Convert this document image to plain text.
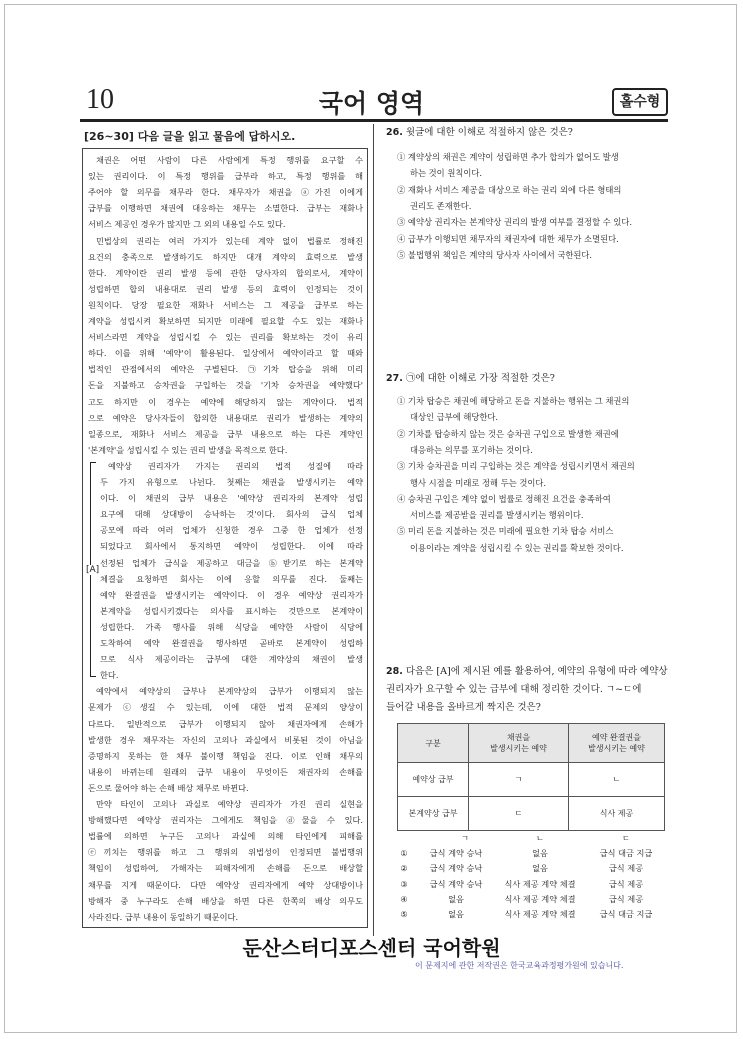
10	국어 영역	홀수형
[26~30] 다음 글을 읽고 물음에 답하시오.
[A]
채권은 어떤 사람이 다른 사람에게 특정 행위를 요구할 수
있는 권리이다. 이 특정 행위를 급부라 하고, 특정 행위를 해
주어야 할 의무를 채무라 한다. 채무자가 채권을 ⓐ가진 이에게
급부를 이행하면 채권에 대응하는 채무는 소멸한다. 급부는 재화나
서비스 제공인 경우가 많지만 그 외의 내용일 수도 있다.
민법상의 권리는 여러 가지가 있는데 계약 없이 법률로 정해진
요건의 충족으로 발생하기도 하지만 대개 계약의 효력으로 발생
한다. 계약이란 권리 발생 등에 관한 당사자의 합의로서, 계약이
성립하면 합의 내용대로 권리 발생 등의 효력이 인정되는 것이
원칙이다. 당장 필요한 재화나 서비스는 그 제공을 급부로 하는
계약을 성립시켜 확보하면 되지만 미래에 필요할 수도 있는 재화나
서비스라면 계약을 성립시킬 수 있는 권리를 확보하는 것이 유리
하다. 이를 위해 '예약'이 활용된다. 일상에서 예약이라고 할 때와
법적인 관점에서의 예약은 구별된다. ㉠기차 탑승을 위해 미리
돈을 지불하고 승차권을 구입하는 것을 '기차 승차권을 예약했다'
고도 하지만 이 경우는 예약에 해당하지 않는 계약이다. 법적
으로 예약은 당사자들이 합의한 내용대로 권리가 발생하는 계약의
일종으로, 재화나 서비스 제공을 급부 내용으로 하는 다른 계약인
'본계약'을 성립시킬 수 있는 권리 발생을 목적으로 한다.
예약상 권리자가 가지는 권리의 법적 성질에 따라
두 가지 유형으로 나뉜다. 첫째는 채권을 발생시키는 예약
이다. 이 채권의 급부 내용은 '예약상 권리자의 본계약 성립
요구에 대해 상대방이 승낙하는 것'이다. 회사의 급식 업체
공모에 따라 여러 업체가 신청한 경우 그중 한 업체가 선정
되었다고 회사에서 통지하면 예약이 성립한다. 이에 따라
선정된 업체가 급식을 제공하고 대금을 ⓑ받기로 하는 본계약
체결을 요청하면 회사는 이에 응할 의무를 진다. 둘째는
예약 완결권을 발생시키는 예약이다. 이 경우 예약상 권리자가
본계약을 성립시키겠다는 의사를 표시하는 것만으로 본계약이
성립한다. 가족 행사를 위해 식당을 예약한 사람이 식당에
도착하여 예약 완결권을 행사하면 곧바로 본계약이 성립하
므로 식사 제공이라는 급부에 대한 계약상의 채권이 발생
한다.
예약에서 예약상의 급부나 본계약상의 급부가 이행되지 않는
문제가 ⓒ생길 수 있는데, 이에 대한 법적 문제의 양상이
다르다. 일반적으로 급부가 이행되지 않아 채권자에게 손해가
발생한 경우 채무자는 자신의 고의나 과실에서 비롯된 것이 아님을
증명하지 못하는 한 채무 불이행 책임을 진다. 이로 인해 채무의
내용이 바뀌는데 원래의 급부 내용이 무엇이든 채권자의 손해를
돈으로 물어야 하는 손해 배상 채무로 바뀐다.
만약 타인이 고의나 과실로 예약상 권리자가 가진 권리 실현을
방해했다면 예약상 권리자는 그에게도 책임을 ⓓ물을 수 있다.
법률에 의하면 누구든 고의나 과실에 의해 타인에게 피해를
ⓔ끼치는 행위를 하고 그 행위의 위법성이 인정되면 불법행위
책임이 성립하여, 가해자는 피해자에게 손해를 돈으로 배상할
채무를 지게 때문이다. 다만 예약상 권리자에게 예약 상대방이나
방해자 중 누구라도 손해 배상을 하면 다른 한쪽의 배상 의무도
사라진다. 급부 내용이 동일하기 때문이다.
26. 윗글에 대한 이해로 적절하지 않은 것은?
① 계약상의 채권은 계약이 성립하면 추가 합의가 없어도 발생
하는 것이 원칙이다.
② 재화나 서비스 제공을 대상으로 하는 권리 외에 다른 형태의
권리도 존재한다.
③ 예약상 권리자는 본계약상 권리의 발생 여부를 결정할 수 있다.
④ 급부가 이행되면 채무자의 채권자에 대한 채무가 소멸된다.
⑤ 불법행위 책임은 계약의 당사자 사이에서 국한된다.
27. ㉠에 대한 이해로 가장 적절한 것은?
① 기차 탑승은 채권에 해당하고 돈을 지불하는 행위는 그 채권의
대상인 급부에 해당한다.
② 기차를 탑승하지 않는 것은 승차권 구입으로 발생한 채권에
대응하는 의무를 포기하는 것이다.
③ 기차 승차권을 미리 구입하는 것은 계약을 성립시키면서 채권의
행사 시점을 미래로 정해 두는 것이다.
④ 승차권 구입은 계약 없이 법률로 정해진 요건을 충족하여
서비스를 제공받을 권리를 발생시키는 행위이다.
⑤ 미리 돈을 지불하는 것은 미래에 필요한 기차 탑승 서비스
이용이라는 계약을 성립시킬 수 있는 권리를 확보한 것이다.
28. 다음은 [A]에 제시된 예를 활용하여, 예약의 유형에 따라 예약상
권리자가 요구할 수 있는 급부에 대해 정리한 것이다. ㄱ~ㄷ에
들어갈 내용을 올바르게 짝지은 것은?
구분	채권을
발생시키는 예약	예약 완결권을
발생시키는 예약
예약상 급부	ㄱ	ㄴ
본계약상 급부	ㄷ	식사 제공
ㄱ	ㄴ	ㄷ
①	급식 계약 승낙	없음	급식 대금 지급
②	급식 계약 승낙	없음	급식 제공
③	급식 계약 승낙	식사 제공 계약 체결	급식 제공
④	없음	식사 제공 계약 체결	급식 제공
⑤	없음	식사 제공 계약 체결	급식 대금 지급
둔산스터디포스센터 국어학원
이 문제지에 관한 저작권은 한국교육과정평가원에 있습니다.
